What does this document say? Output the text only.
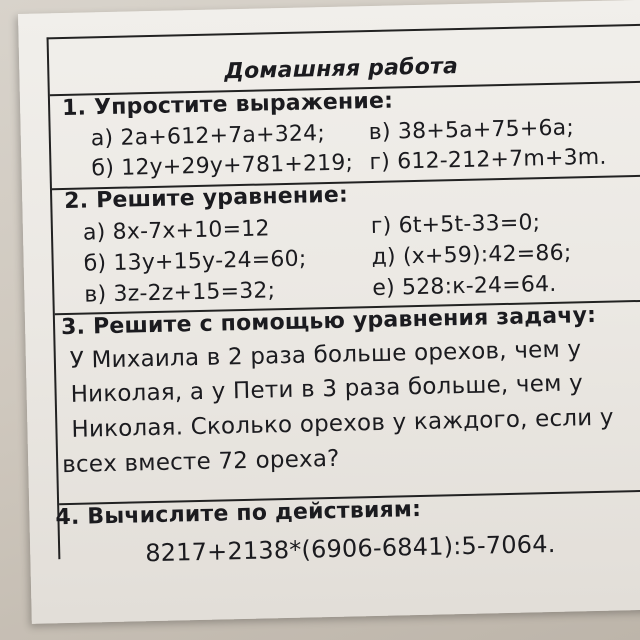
Домашняя работа
1. Упростите выражение:
а) 2а+612+7а+324; в) 38+5а+75+6а;
б) 12у+29у+781+219; г) 612-212+7m+3m.
2. Решите уравнение:
а) 8х-7х+10=12	г) 6t+5t-33=0;
б) 13у+15у-24=60;	д) (х+59):42=86;
в) 3z-2z+15=32;	е) 528:к-24=64.
3. Решите с помощью уравнения задачу:
У Михаила в 2 раза больше орехов, чем у
Николая, а у Пети в 3 раза больше, чем у
Николая. Сколько орехов у каждого, если у
всех вместе 72 ореха?
4. Вычислите по действиям:
8217+2138*(6906-6841):5-7064.
